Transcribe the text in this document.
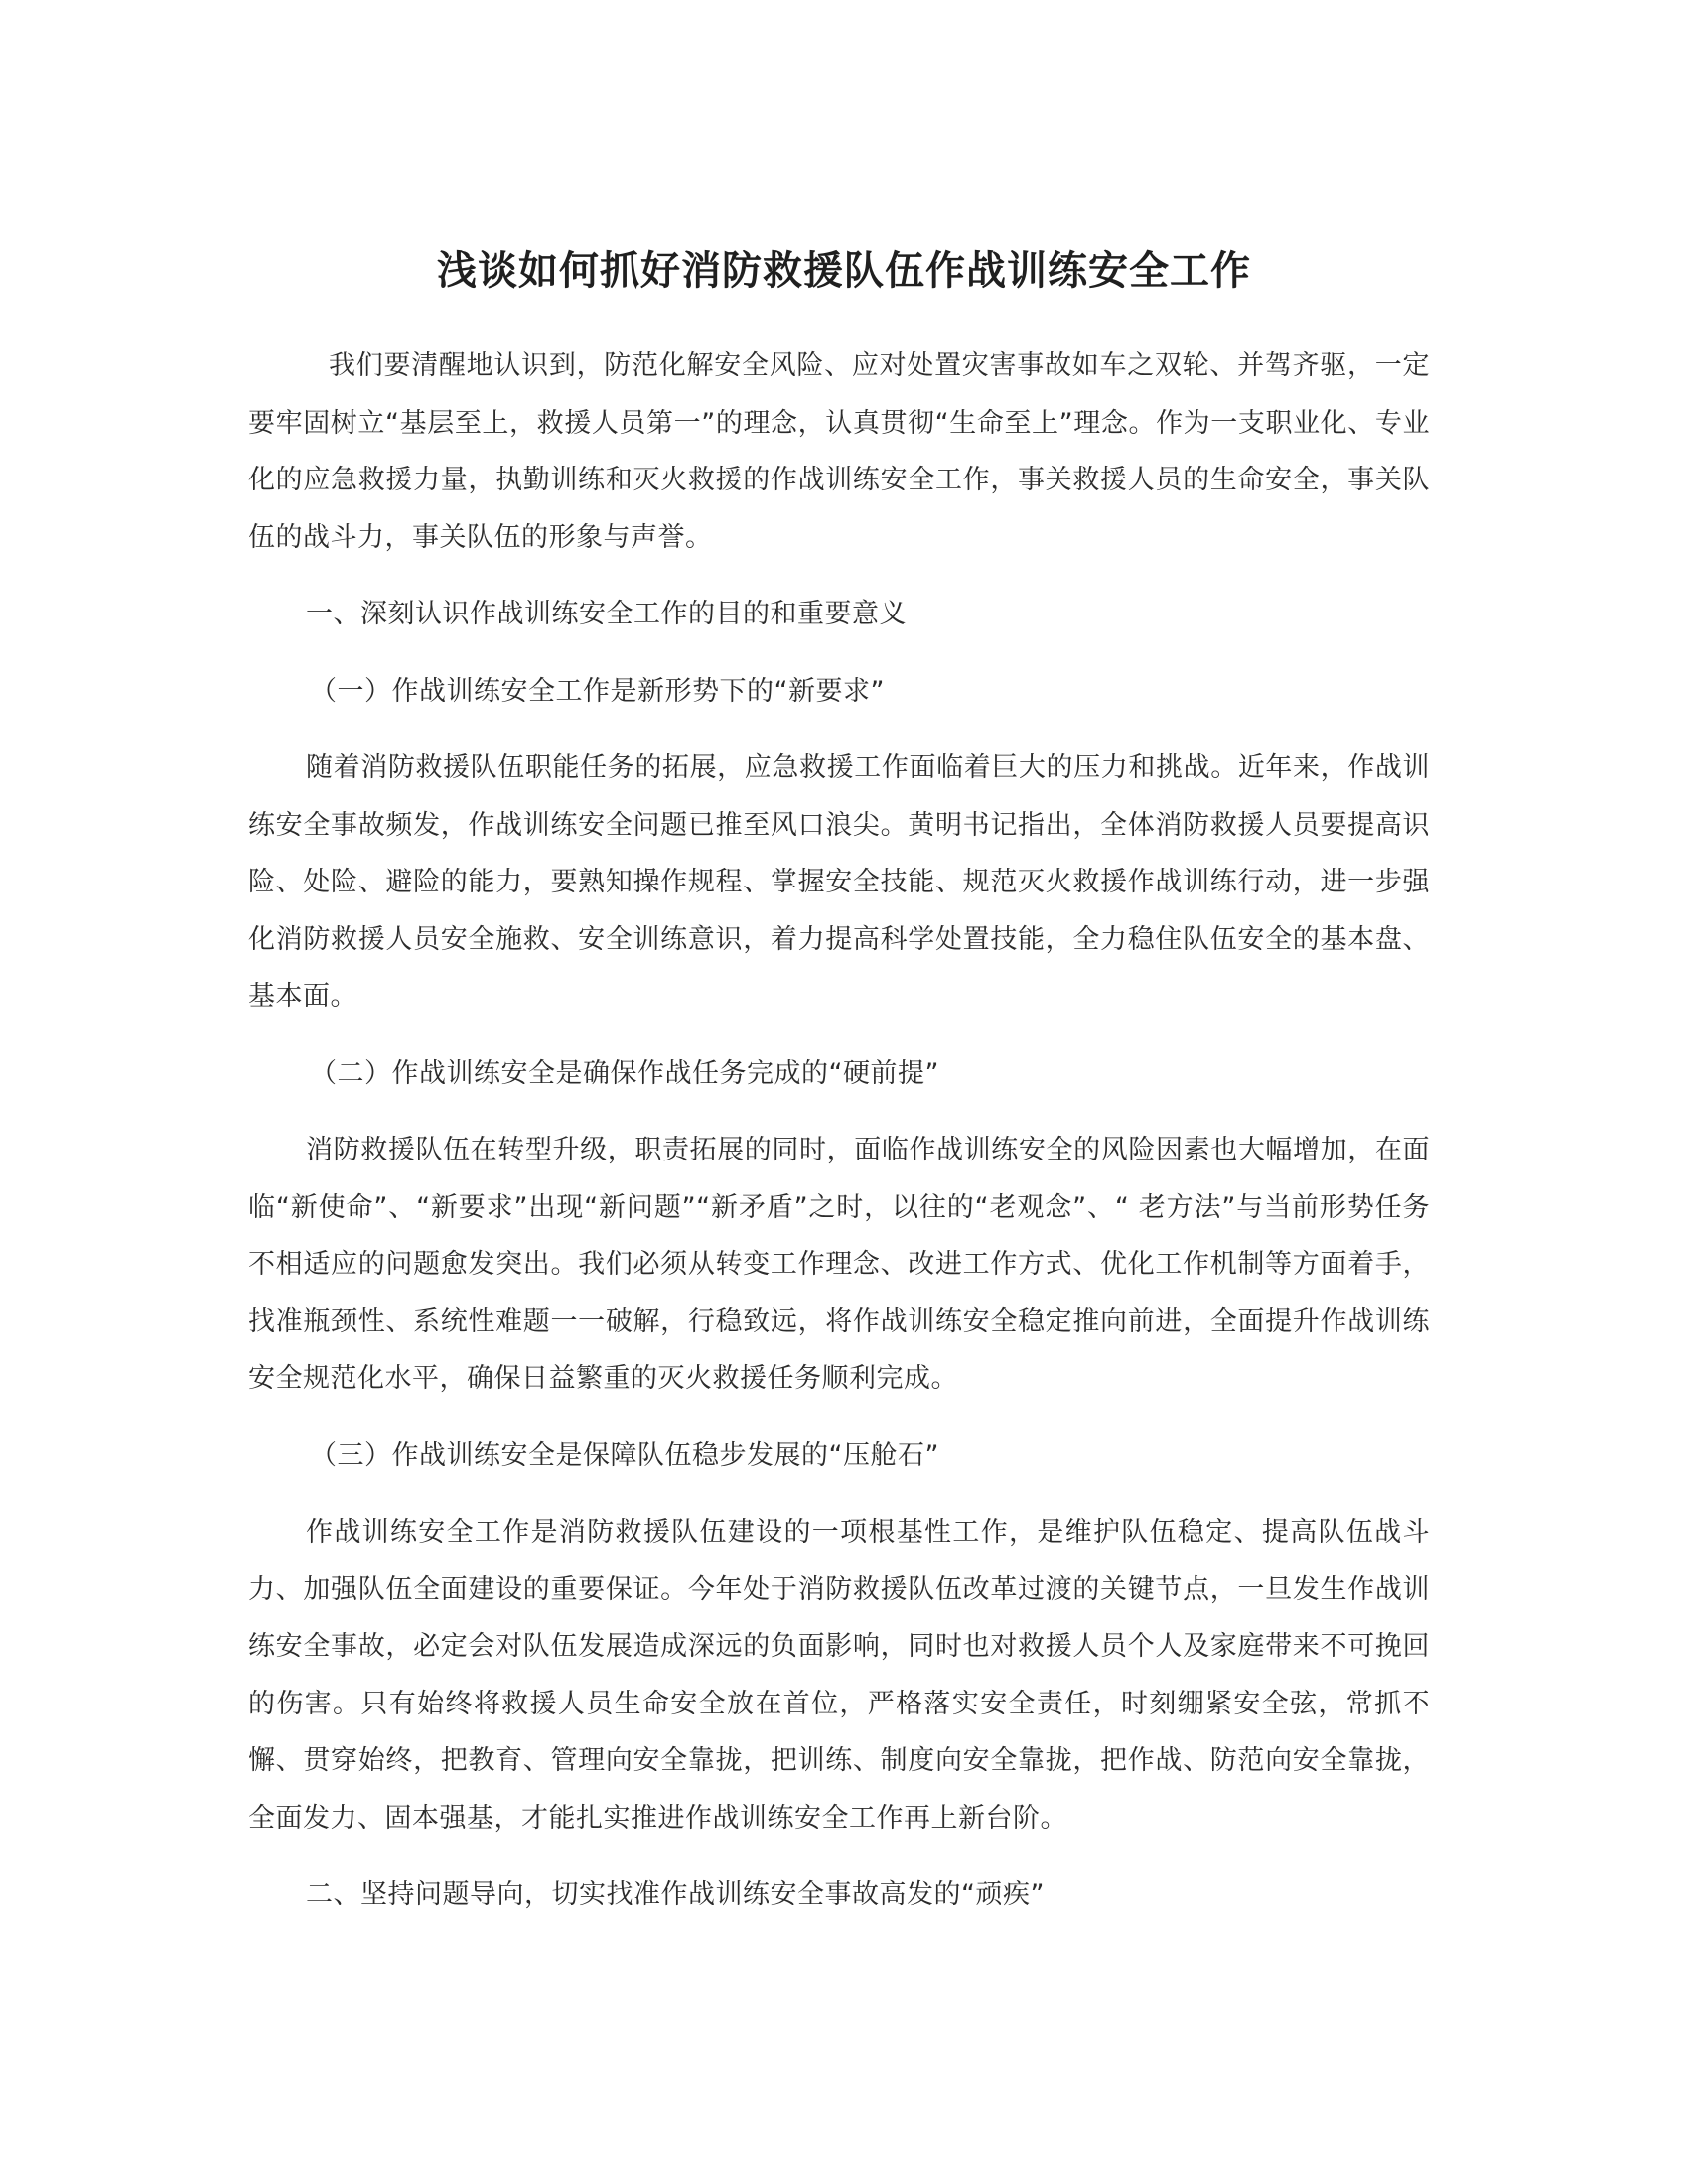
浅谈如何抓好消防救援队伍作战训练安全工作

我们要清醒地认识到，防范化解安全风险、应对处置灾害事故如车之双轮、并驾齐驱，一定要牢固树立“基层至上，救援人员第一”的理念，认真贯彻“生命至上”理念。作为一支职业化、专业化的应急救援力量，执勤训练和灭火救援的作战训练安全工作，事关救援人员的生命安全，事关队伍的战斗力，事关队伍的形象与声誉。

一、深刻认识作战训练安全工作的目的和重要意义

（一）作战训练安全工作是新形势下的“新要求”

随着消防救援队伍职能任务的拓展，应急救援工作面临着巨大的压力和挑战。近年来，作战训练安全事故频发，作战训练安全问题已推至风口浪尖。黄明书记指出，全体消防救援人员要提高识险、处险、避险的能力，要熟知操作规程、掌握安全技能、规范灭火救援作战训练行动，进一步强化消防救援人员安全施救、安全训练意识，着力提高科学处置技能，全力稳住队伍安全的基本盘、基本面。

（二）作战训练安全是确保作战任务完成的“硬前提”

消防救援队伍在转型升级，职责拓展的同时，面临作战训练安全的风险因素也大幅增加，在面临“新使命”、“新要求”出现“新问题”“新矛盾”之时，以往的“老观念”、“ 老方法”与当前形势任务不相适应的问题愈发突出。我们必须从转变工作理念、改进工作方式、优化工作机制等方面着手，找准瓶颈性、系统性难题一一破解，行稳致远，将作战训练安全稳定推向前进，全面提升作战训练安全规范化水平，确保日益繁重的灭火救援任务顺利完成。

（三）作战训练安全是保障队伍稳步发展的“压舱石”

作战训练安全工作是消防救援队伍建设的一项根基性工作，是维护队伍稳定、提高队伍战斗力、加强队伍全面建设的重要保证。今年处于消防救援队伍改革过渡的关键节点，一旦发生作战训练安全事故，必定会对队伍发展造成深远的负面影响，同时也对救援人员个人及家庭带来不可挽回的伤害。只有始终将救援人员生命安全放在首位，严格落实安全责任，时刻绷紧安全弦，常抓不懈、贯穿始终，把教育、管理向安全靠拢，把训练、制度向安全靠拢，把作战、防范向安全靠拢，全面发力、固本强基，才能扎实推进作战训练安全工作再上新台阶。

二、坚持问题导向，切实找准作战训练安全事故高发的“顽疾”
